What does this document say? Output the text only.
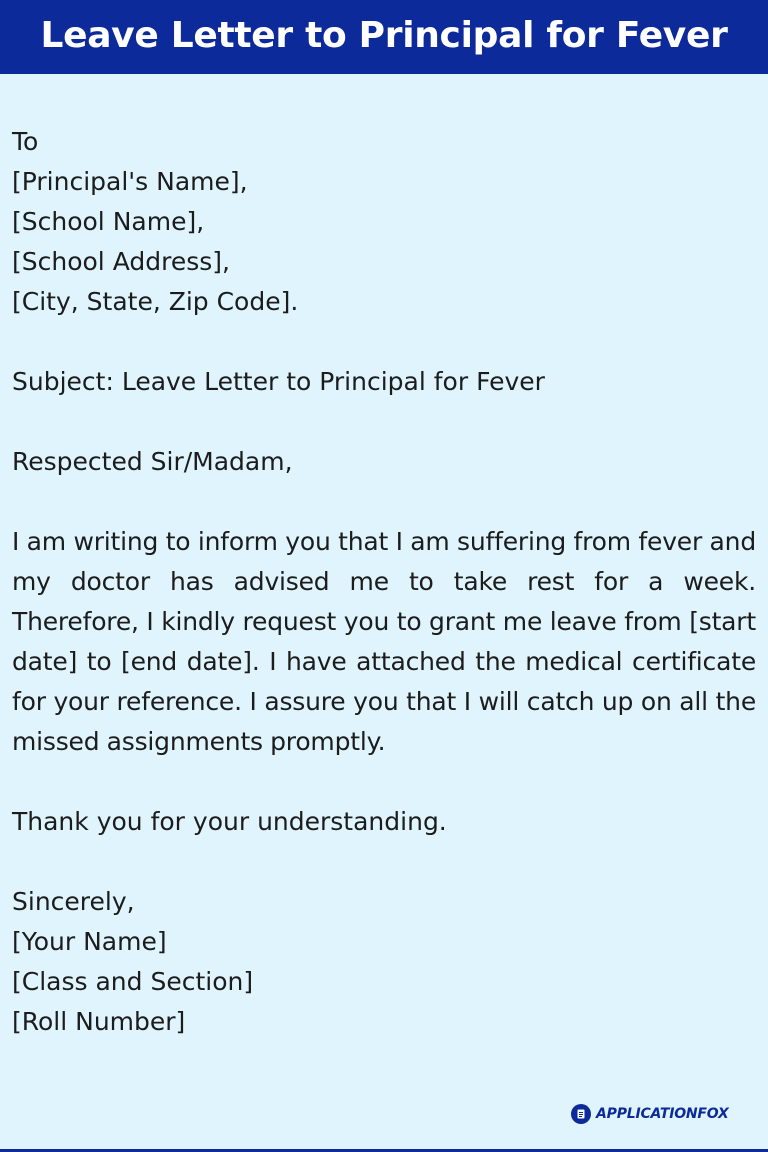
Leave Letter to Principal for Fever
To
[Principal's Name],
[School Name],
[School Address],
[City, State, Zip Code].
Subject: Leave Letter to Principal for Fever
Respected Sir/Madam,
I am writing to inform you that I am suffering from fever and my doctor has advised me to take rest for a week. Therefore, I kindly request you to grant me leave from [start date] to [end date]. I have attached the medical certificate for your reference. I assure you that I will catch up on all the missed assignments promptly.
Thank you for your understanding.
Sincerely,
[Your Name]
[Class and Section]
[Roll Number]
APPLICATIONFOX
